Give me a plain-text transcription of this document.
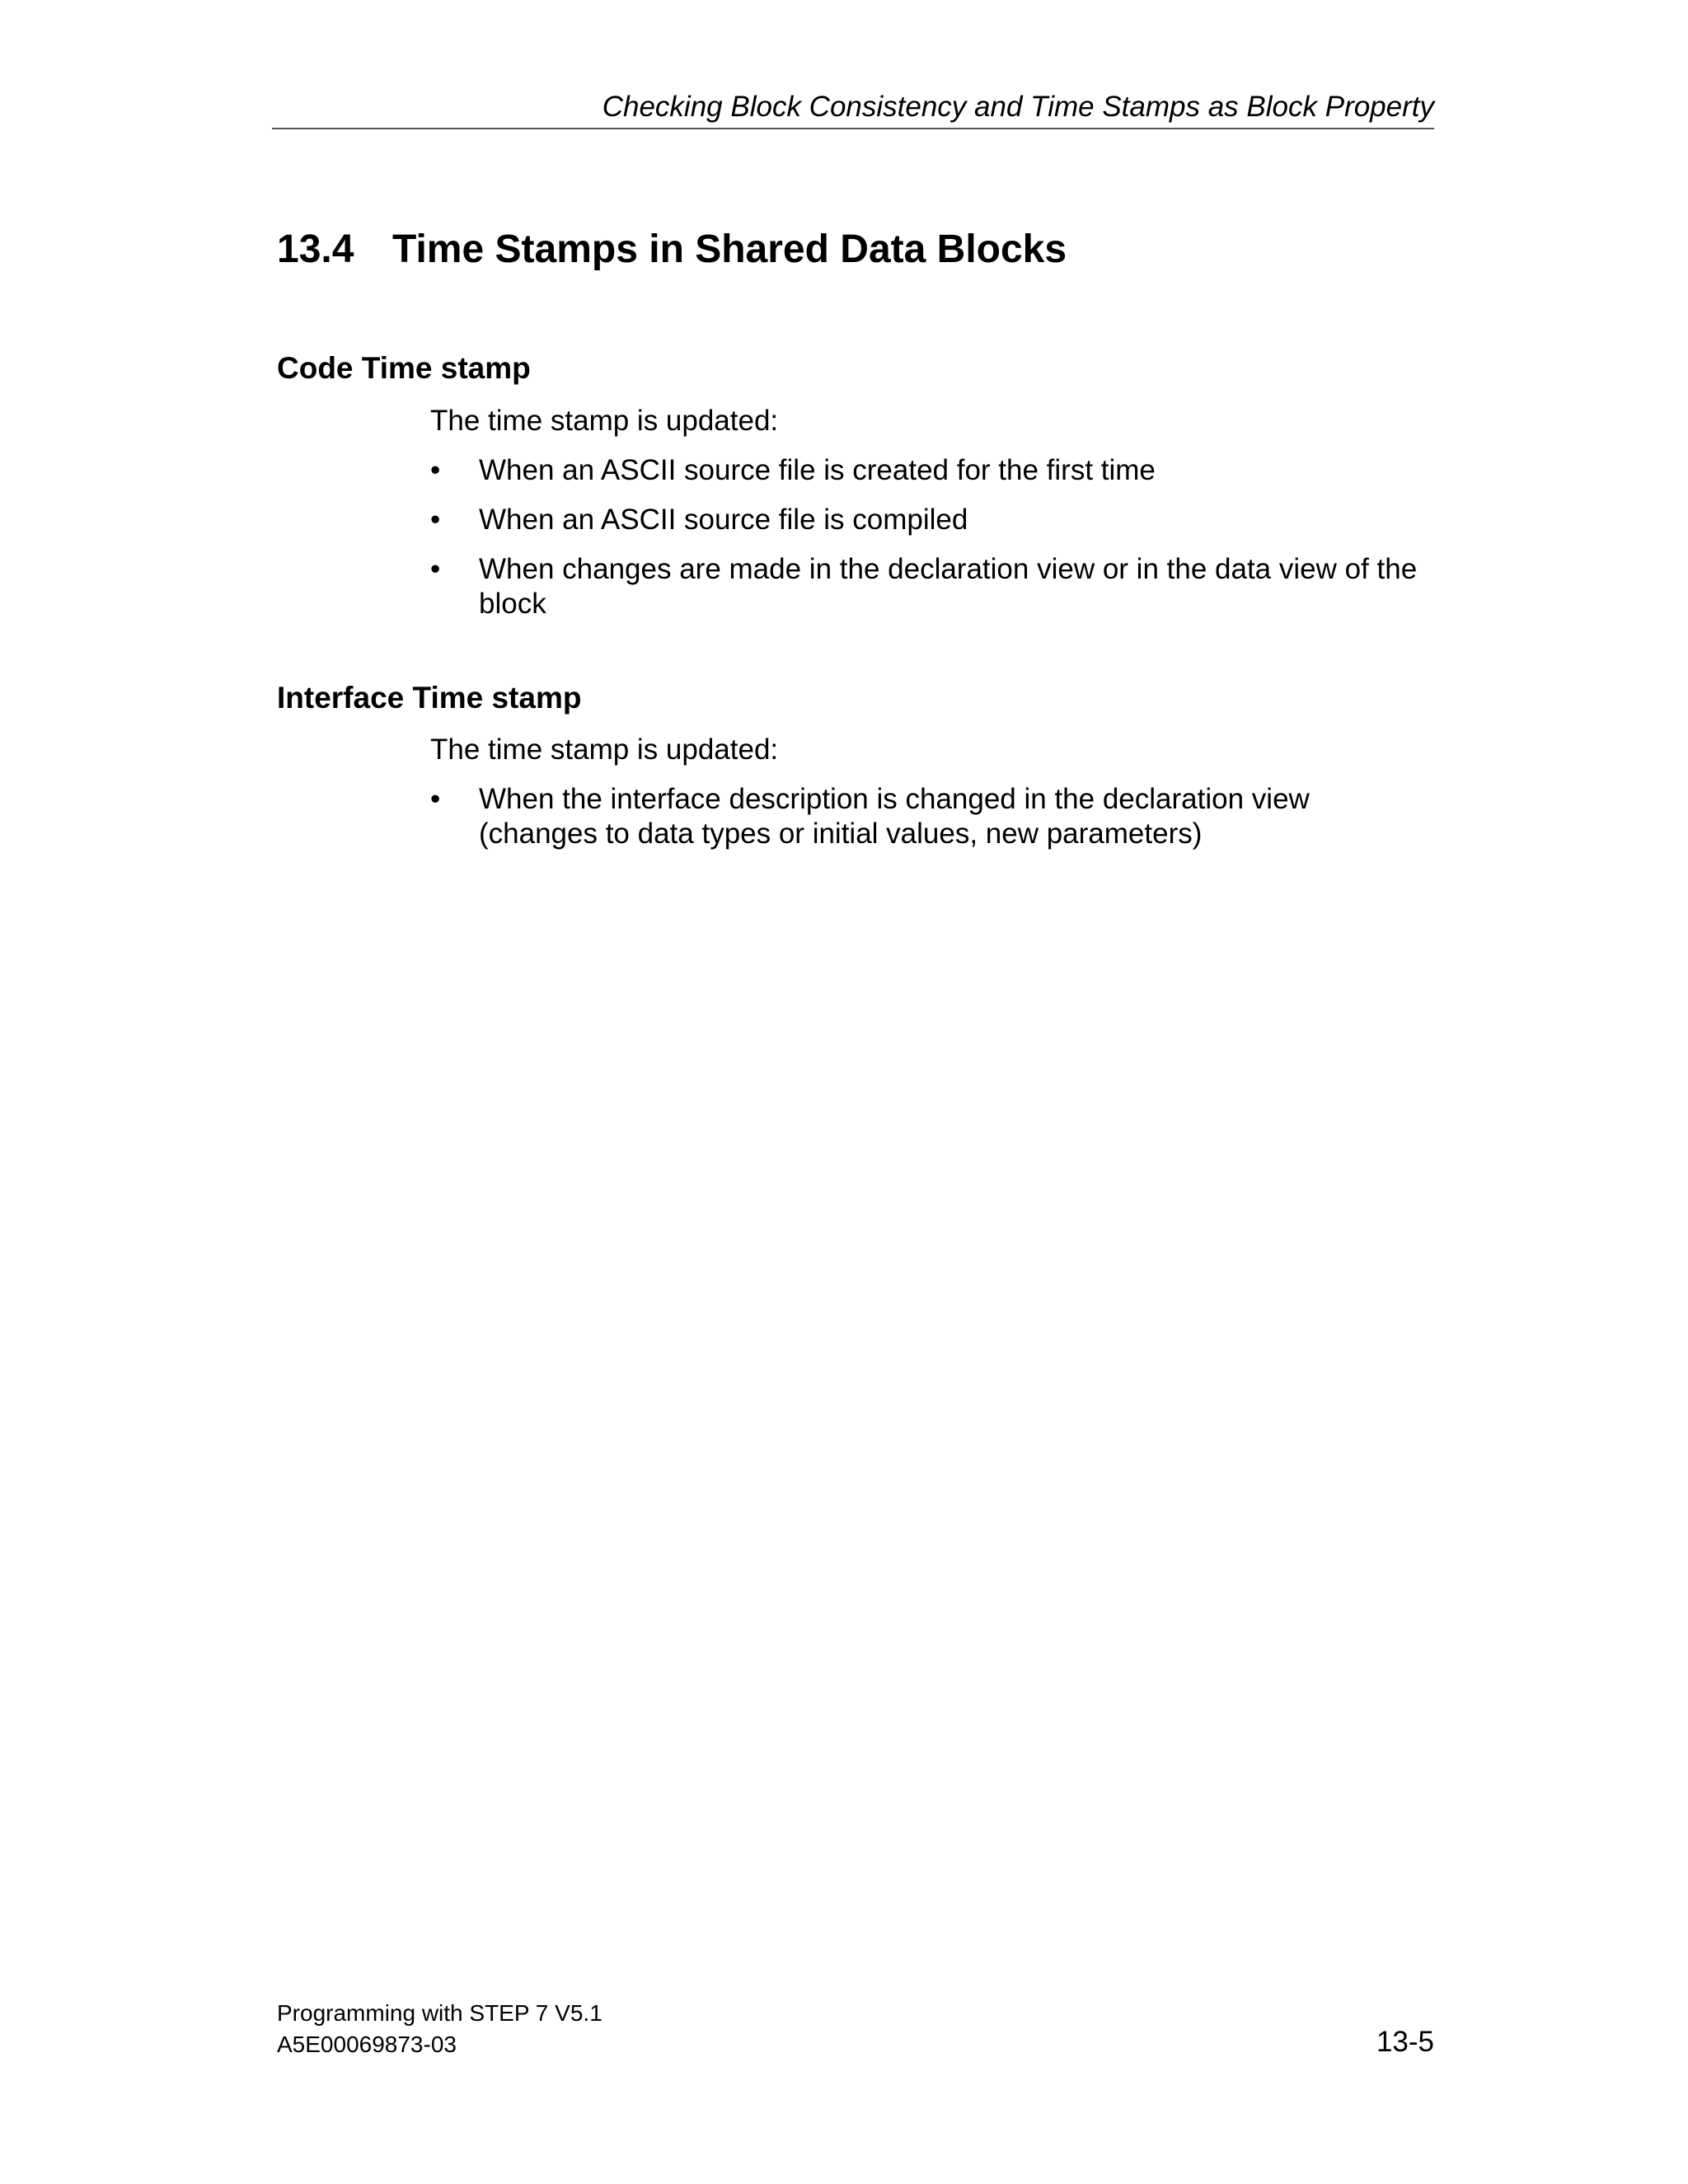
Checking Block Consistency and Time Stamps as Block Property
13.4 Time Stamps in Shared Data Blocks
Code Time stamp
The time stamp is updated:
• When an ASCII source file is created for the first time
• When an ASCII source file is compiled
• When changes are made in the declaration view or in the data view of the block
Interface Time stamp
The time stamp is updated:
• When the interface description is changed in the declaration view (changes to data types or initial values, new parameters)
Programming with STEP 7 V5.1
A5E00069873-03	13-5
